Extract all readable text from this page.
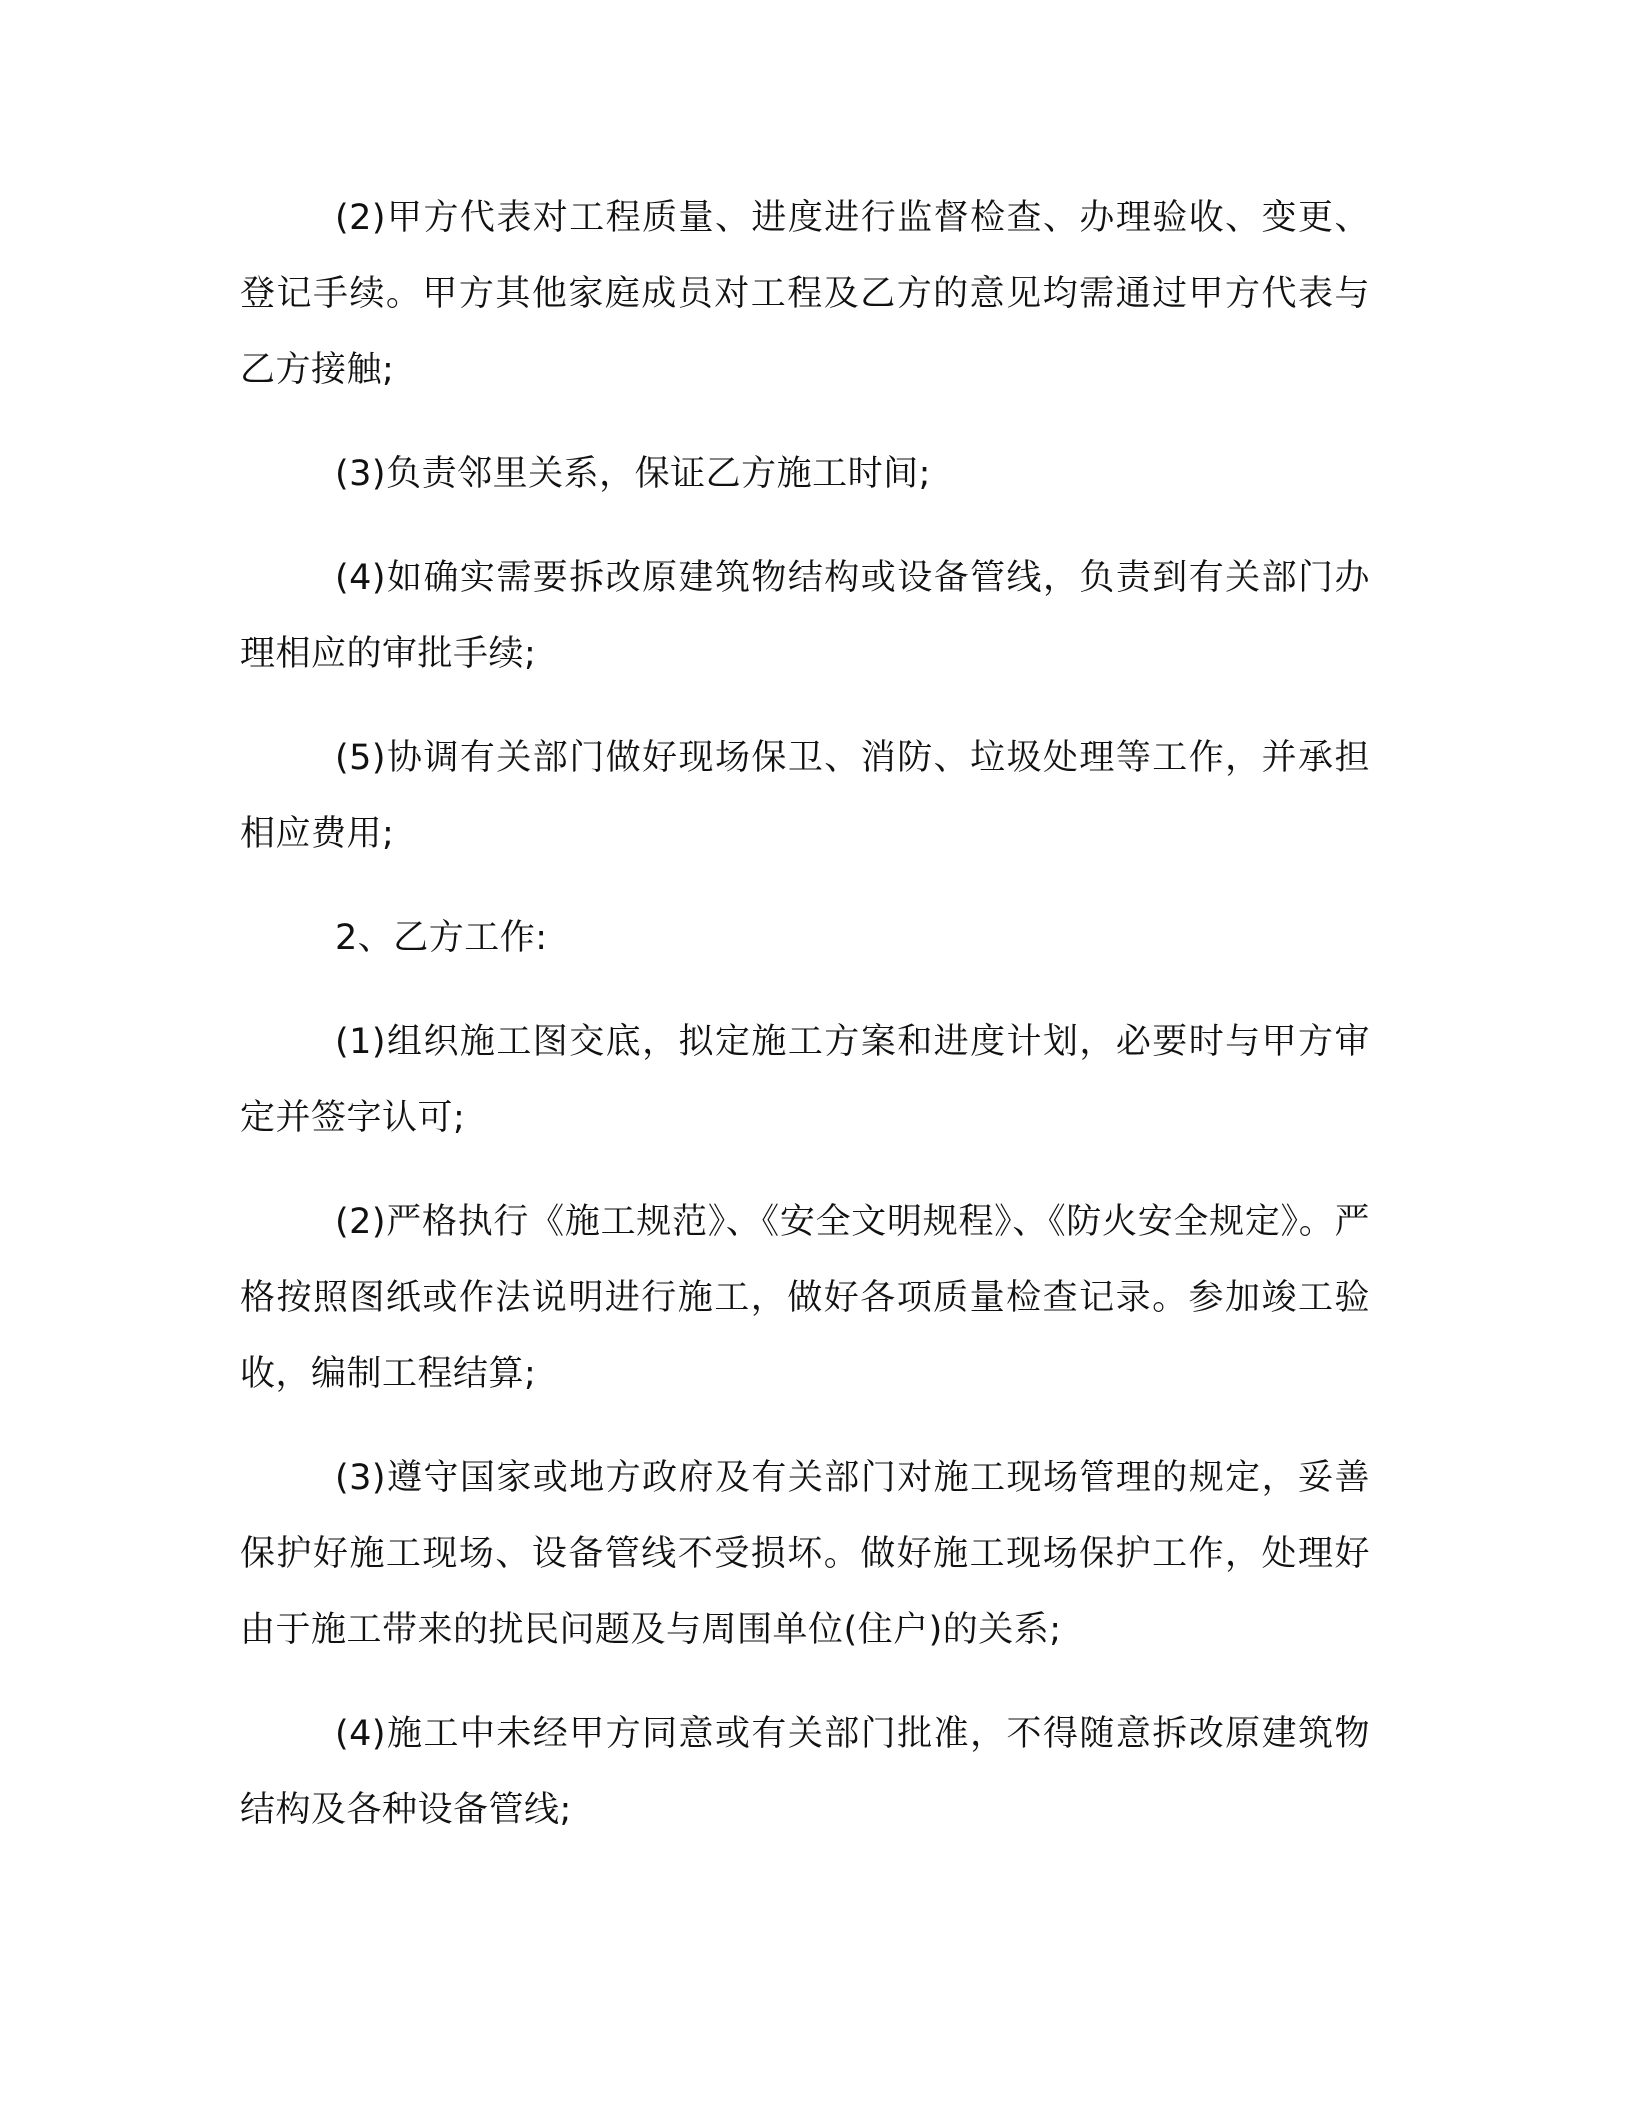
(2)甲方代表对工程质量、进度进行监督检查、办理验收、变更、登记手续。甲方其他家庭成员对工程及乙方的意见均需通过甲方代表与乙方接触;

(3)负责邻里关系，保证乙方施工时间;

(4)如确实需要拆改原建筑物结构或设备管线，负责到有关部门办理相应的审批手续;

(5)协调有关部门做好现场保卫、消防、垃圾处理等工作，并承担相应费用;

2、乙方工作:

(1)组织施工图交底，拟定施工方案和进度计划，必要时与甲方审定并签字认可;

(2)严格执行《施工规范》、《安全文明规程》、《防火安全规定》。严格按照图纸或作法说明进行施工，做好各项质量检查记录。参加竣工验收，编制工程结算;

(3)遵守国家或地方政府及有关部门对施工现场管理的规定，妥善保护好施工现场、设备管线不受损坏。做好施工现场保护工作，处理好由于施工带来的扰民问题及与周围单位(住户)的关系;

(4)施工中未经甲方同意或有关部门批准，不得随意拆改原建筑物结构及各种设备管线;
